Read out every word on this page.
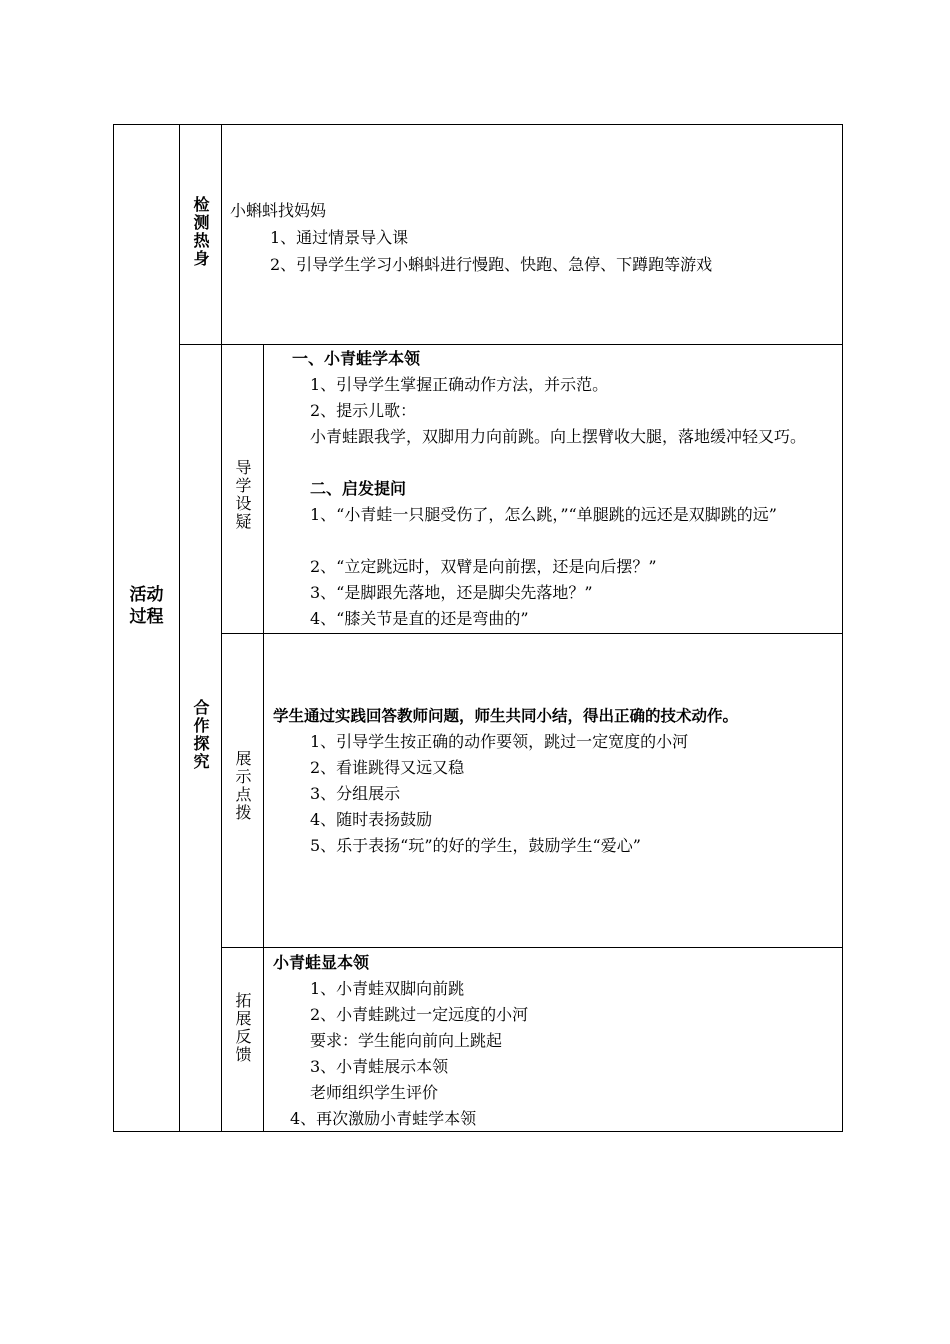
活动
过程
检测热身 小蝌蚪找妈妈
1、通过情景导入课
2、引导学生学习小蝌蚪进行慢跑、快跑、急停、下蹲跑等游戏
合作探究
导学设疑
一、小青蛙学本领
1、引导学生掌握正确动作方法，并示范。
2、提示儿歌：
小青蛙跟我学，双脚用力向前跳。向上摆臂收大腿，落地缓冲轻又巧。
二、启发提问
1、“小青蛙一只腿受伤了，怎么跳，”“单腿跳的远还是双脚跳的远”
2、“立定跳远时，双臂是向前摆，还是向后摆？”
3、“是脚跟先落地，还是脚尖先落地？”
4、“膝关节是直的还是弯曲的”
展示点拨
学生通过实践回答教师问题，师生共同小结，得出正确的技术动作。
1、引导学生按正确的动作要领，跳过一定宽度的小河
2、看谁跳得又远又稳
3、分组展示
4、随时表扬鼓励
5、乐于表扬“玩”的好的学生，鼓励学生“爱心”
拓展反馈
小青蛙显本领
1、小青蛙双脚向前跳
2、小青蛙跳过一定远度的小河
要求：学生能向前向上跳起
3、小青蛙展示本领
老师组织学生评价
4、再次激励小青蛙学本领
